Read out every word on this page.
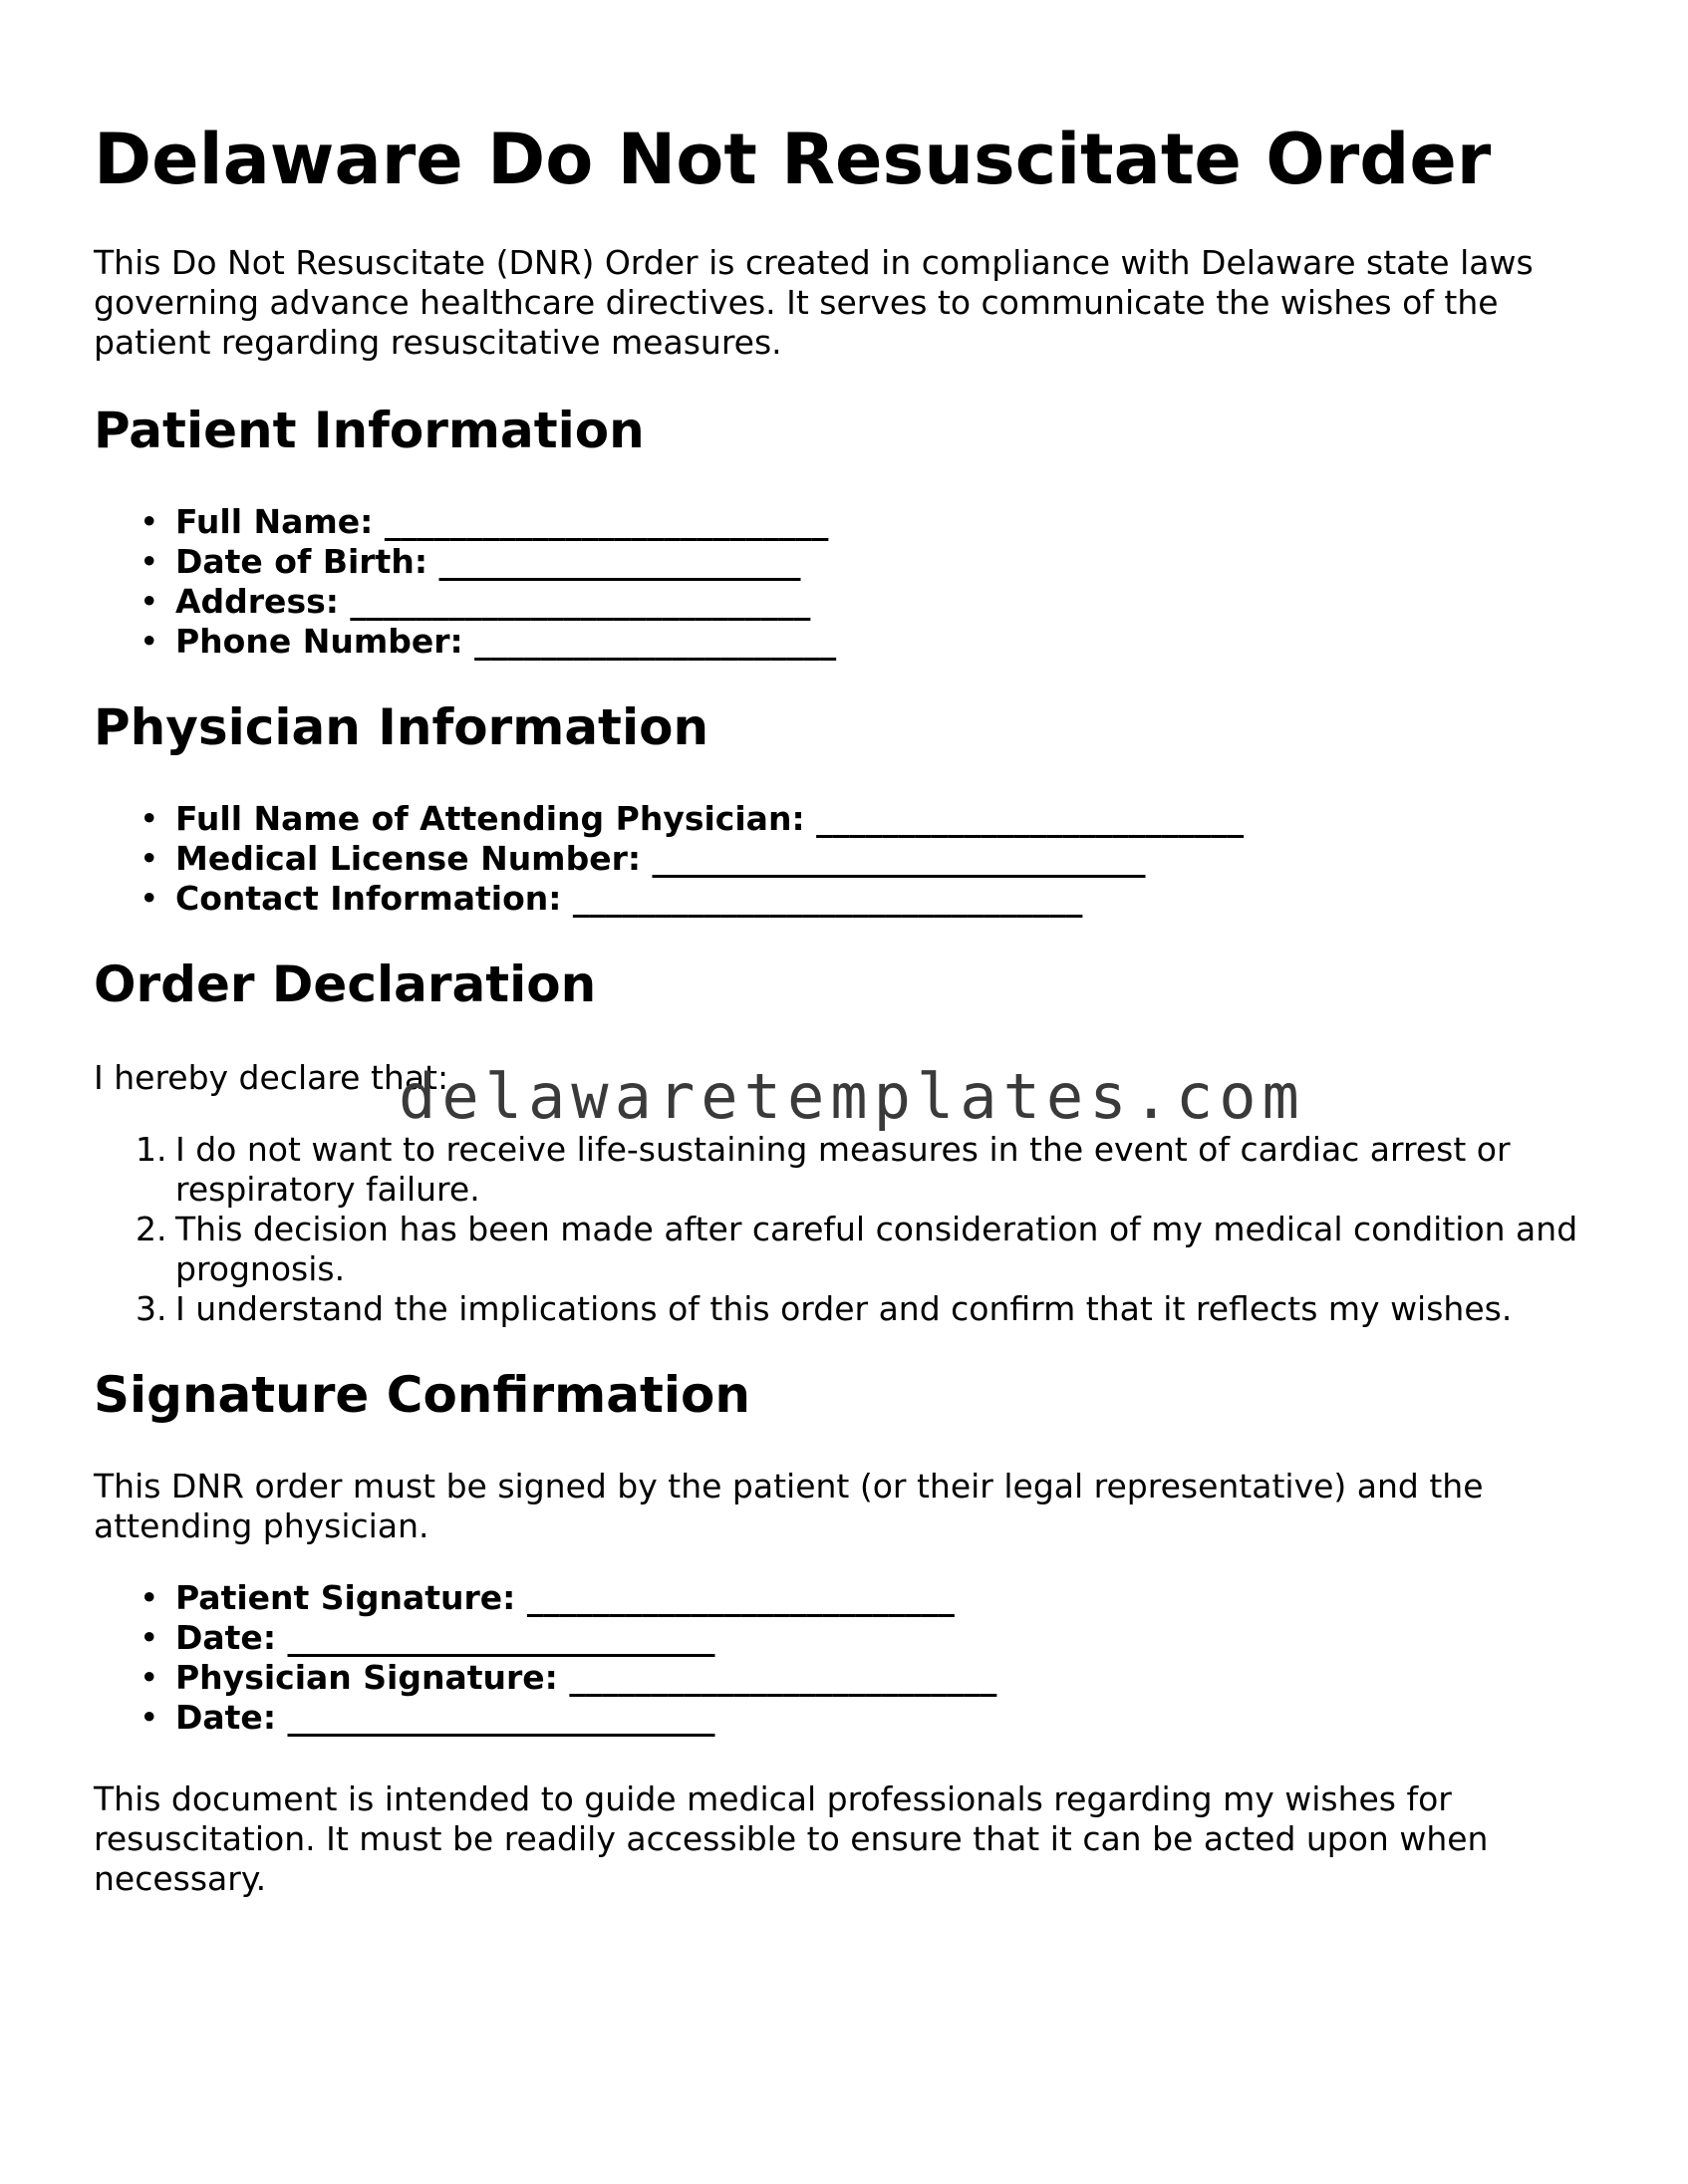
Delaware Do Not Resuscitate Order

This Do Not Resuscitate (DNR) Order is created in compliance with Delaware state laws governing advance healthcare directives. It serves to communicate the wishes of the patient regarding resuscitative measures.

Patient Information
• Full Name: ___________________________
• Date of Birth: ______________________
• Address: ____________________________
• Phone Number: ______________________
Physician Information
• Full Name of Attending Physician: __________________________
• Medical License Number: ______________________________
• Contact Information: _______________________________
Order Declaration

I hereby declare that:

1. I do not want to receive life-sustaining measures in the event of cardiac arrest or respiratory failure.
2. This decision has been made after careful consideration of my medical condition and prognosis.
3. I understand the implications of this order and confirm that it reflects my wishes.
Signature Confirmation

This DNR order must be signed by the patient (or their legal representative) and the attending physician.

• Patient Signature: __________________________
• Date: __________________________
• Physician Signature: __________________________
• Date: __________________________

This document is intended to guide medical professionals regarding my wishes for resuscitation. It must be readily accessible to ensure that it can be acted upon when necessary.

delawaretemplates.com
